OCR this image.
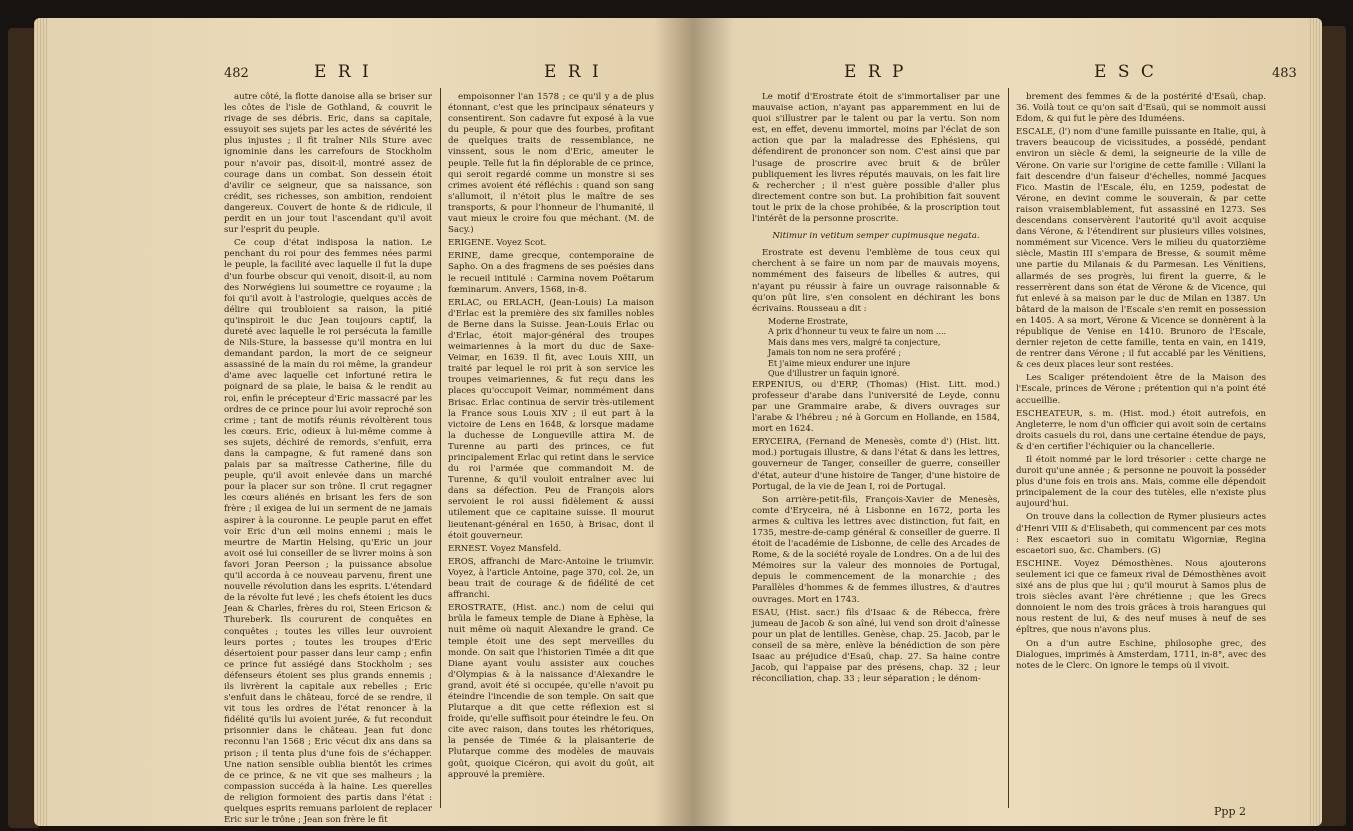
482	E R I	E R I

autre côté, la flotte danoise alla se briser sur les côtes de l'isle de Gothland, & couvrit le rivage de ses débris. Eric, dans sa capitale, essuyoit ses sujets par les actes de sévérité les plus injustes ; il fit traîner Nils Sture avec ignominie dans les carrefours de Stockholm pour n'avoir pas, disoit-il, montré assez de courage dans un combat. Son dessein étoit d'avilir ce seigneur, que sa naissance, son crédit, ses richesses, son ambition, rendoient dangereux. Couvert de honte & de ridicule, il perdit en un jour tout l'ascendant qu'il avoit sur l'esprit du peuple.

Ce coup d'état indisposa la nation. Le penchant du roi pour des femmes nées parmi le peuple, la facilité avec laquelle il fut la dupe d'un fourbe obscur qui venoit, disoit-il, au nom des Norwégiens lui soumettre ce royaume ; la foi qu'il avoit à l'astrologie, quelques accès de délire qui troubloient sa raison, la pitié qu'inspiroit le duc Jean toujours captif, la dureté avec laquelle le roi persécuta la famille de Nils-Sture, la bassesse qu'il montra en lui demandant pardon, la mort de ce seigneur assassiné de la main du roi même, la grandeur d'ame avec laquelle cet infortuné retira le poignard de sa plaie, le baisa & le rendit au roi, enfin le précepteur d'Eric massacré par les ordres de ce prince pour lui avoir reproché son crime ; tant de motifs réunis révoltèrent tous les cœurs. Eric, odieux à lui-même comme à ses sujets, déchiré de remords, s'enfuit, erra dans la campagne, & fut ramené dans son palais par sa maîtresse Catherine, fille du peuple, qu'il avoit enlevée dans un marché pour la placer sur son trône. Il crut regagner les cœurs aliénés en brisant les fers de son frère ; il exigea de lui un serment de ne jamais aspirer à la couronne. Le peuple parut en effet voir Eric d'un œil moins ennemi ; mais le meurtre de Martin Helsing, qu'Eric un jour avoit osé lui conseiller de se livrer moins à son favori Joran Peerson ; la puissance absolue qu'il accorda à ce nouveau parvenu, firent une nouvelle révolution dans les esprits. L'étendard de la révolte fut levé ; les chefs étoient les ducs Jean & Charles, frères du roi, Steen Ericson & Thureberk. Ils coururent de conquêtes en conquêtes ; toutes les villes leur ouvroient leurs portes ; toutes les troupes d'Eric désertoient pour passer dans leur camp ; enfin ce prince fut assiégé dans Stockholm ; ses défenseurs étoient ses plus grands ennemis ; ils livrèrent la capitale aux rebelles ; Eric s'enfuit dans le château, forcé de se rendre, il vit tous les ordres de l'état renoncer à la fidélité qu'ils lui avoient jurée, & fut reconduit prisonnier dans le château. Jean fut donc reconnu l'an 1568 ; Eric vécut dix ans dans sa prison ; il tenta plus d'une fois de s'échapper. Une nation sensible oublia bientôt les crimes de ce prince, & ne vit que ses malheurs ; la compassion succéda à la haine. Les querelles de religion formoient des partis dans l'état : quelques esprits remuans parloient de replacer Eric sur le trône ; Jean son frère le fit

empoisonner l'an 1578 ; ce qu'il y a de plus étonnant, c'est que les principaux sénateurs y consentirent. Son cadavre fut exposé à la vue du peuple, & pour que des fourbes, profitant de quelques traits de ressemblance, ne vinssent, sous le nom d'Eric, ameuter le peuple. Telle fut la fin déplorable de ce prince, qui seroit regardé comme un monstre si ses crimes avoient été réfléchis : quand son sang s'allumoit, il n'étoit plus le maître de ses transports, & pour l'honneur de l'humanité, il vaut mieux le croire fou que méchant. (M. de Sacy.)

ERIGENE. Voyez Scot.

ERINE, dame grecque, contemporaine de Sapho. On a des fragmens de ses poésies dans le recueil intitulé : Carmina novem Poëtarum fœminarum. Anvers, 1568, in-8.

ERLAC, ou ERLACH, (Jean-Louis) La maison d'Erlac est la première des six familles nobles de Berne dans la Suisse. Jean-Louis Erlac ou d'Erlac, étoit major-général des troupes weimariennes à la mort du duc de Saxe-Veimar, en 1639. Il fit, avec Louis XIII, un traité par lequel le roi prit à son service les troupes veimariennes, & fut reçu dans les places qu'occupoit Veimar, nommément dans Brisac. Erlac continua de servir très-utilement la France sous Louis XIV ; il eut part à la victoire de Lens en 1648, & lorsque madame la duchesse de Longueville attira M. de Turenne au parti des princes, ce fut principalement Erlac qui retint dans le service du roi l'armée que commandoit M. de Turenne, & qu'il vouloit entraîner avec lui dans sa défection. Peu de François alors servoient le roi aussi fidèlement & aussi utilement que ce capitaine suisse. Il mourut lieutenant-général en 1650, à Brisac, dont il étoit gouverneur.

ERNEST. Voyez Mansfeld.

EROS, affranchi de Marc-Antoine le triumvir. Voyez, à l'article Antoine, page 370, col. 2e, un beau trait de courage & de fidélité de cet affranchi.

EROSTRATE, (Hist. anc.) nom de celui qui brûla le fameux temple de Diane à Ephèse, la nuit même où naquit Alexandre le grand. Ce temple étoit une des sept merveilles du monde. On sait que l'historien Timée a dit que Diane ayant voulu assister aux couches d'Olympias & à la naissance d'Alexandre le grand, avoit été si occupée, qu'elle n'avoit pu éteindre l'incendie de son temple. On sait que Plutarque a dit que cette réflexion est si froide, qu'elle suffisoit pour éteindre le feu. On cite avec raison, dans toutes les rhétoriques, la pensée de Timée & la plaisanterie de Plutarque comme des modèles de mauvais goût, quoique Cicéron, qui avoit du goût, ait approuvé la première.

E R P	E S C	483

Le motif d'Erostrate étoit de s'immortaliser par une mauvaise action, n'ayant pas apparemment en lui de quoi s'illustrer par le talent ou par la vertu. Son nom est, en effet, devenu immortel, moins par l'éclat de son action que par la maladresse des Ephésiens, qui défendirent de prononcer son nom. C'est ainsi que par l'usage de proscrire avec bruit & de brûler publiquement les livres réputés mauvais, on les fait lire & rechercher ; il n'est guère possible d'aller plus directement contre son but. La prohibition fait souvent tout le prix de la chose prohibée, & la proscription tout l'intérêt de la personne proscrite.

Nitimur in vetitum semper cupimusque negata.

Erostrate est devenu l'emblème de tous ceux qui cherchent à se faire un nom par de mauvais moyens, nommément des faiseurs de libelles & autres, qui n'ayant pu réussir à faire un ouvrage raisonnable & qu'on pût lire, s'en consolent en déchirant les bons écrivains. Rousseau a dit :

Moderne Erostrate,

A prix d'honneur tu veux te faire un nom ....

Mais dans mes vers, malgré ta conjecture,

Jamais ton nom ne sera proféré ;

Et j'aime mieux endurer une injure

Que d'illustrer un faquin ignoré.

ERPENIUS, ou d'ERP, (Thomas) (Hist. Litt. mod.) professeur d'arabe dans l'université de Leyde, connu par une Grammaire arabe, & divers ouvrages sur l'arabe & l'hébreu ; né à Gorcum en Hollande, en 1584, mort en 1624.

ERYCEIRA, (Fernand de Menesès, comte d') (Hist. litt. mod.) portugais illustre, & dans l'état & dans les lettres, gouverneur de Tanger, conseiller de guerre, conseiller d'état, auteur d'une histoire de Tanger, d'une histoire de Portugal, de la vie de Jean I, roi de Portugal.

Son arrière-petit-fils, François-Xavier de Menesès, comte d'Eryceira, né à Lisbonne en 1672, porta les armes & cultiva les lettres avec distinction, fut fait, en 1735, mestre-de-camp général & conseiller de guerre. Il étoit de l'académie de Lisbonne, de celle des Arcades de Rome, & de la société royale de Londres. On a de lui des Mémoires sur la valeur des monnoies de Portugal, depuis le commencement de la monarchie ; des Parallèles d'hommes & de femmes illustres, & d'autres ouvrages. Mort en 1743.

ESAU, (Hist. sacr.) fils d'Isaac & de Rébecca, frère jumeau de Jacob & son aîné, lui vend son droit d'aînesse pour un plat de lentilles. Genèse, chap. 25. Jacob, par le conseil de sa mère, enlève la bénédiction de son père Isaac au préjudice d'Esaü, chap. 27. Sa haine contre Jacob, qui l'appaise par des présens, chap. 32 ; leur réconciliation, chap. 33 ; leur séparation ; le dénom-

brement des femmes & de la postérité d'Esaü, chap. 36. Voilà tout ce qu'on sait d'Esaü, qui se nommoit aussi Edom, & qui fut le père des Iduméens.

ESCALE, (l') nom d'une famille puissante en Italie, qui, à travers beaucoup de vicissitudes, a possédé, pendant environ un siècle & demi, la seigneurie de la ville de Vérone. On varie sur l'origine de cette famille : Villani la fait descendre d'un faiseur d'échelles, nommé Jacques Fico. Mastin de l'Escale, élu, en 1259, podestat de Vérone, en devint comme le souverain, & par cette raison vraisemblablement, fut assassiné en 1273. Ses descendans conservèrent l'autorité qu'il avoit acquise dans Vérone, & l'étendirent sur plusieurs villes voisines, nommément sur Vicence. Vers le milieu du quatorzième siècle, Mastin III s'empara de Bresse, & soumit même une partie du Milanais & du Parmesan. Les Vénitiens, allarmés de ses progrès, lui firent la guerre, & le resserrèrent dans son état de Vérone & de Vicence, qui fut enlevé à sa maison par le duc de Milan en 1387. Un bâtard de la maison de l'Escale s'en remit en possession en 1405. A sa mort, Vérone & Vicence se donnèrent à la république de Venise en 1410. Brunoro de l'Escale, dernier rejeton de cette famille, tenta en vain, en 1419, de rentrer dans Vérone ; il fut accablé par les Vénitiens, & ces deux places leur sont restées.

Les Scaliger prétendoient être de la Maison des l'Escale, princes de Vérone ; prétention qui n'a point été accueillie.

ESCHEATEUR, s. m. (Hist. mod.) étoit autrefois, en Angleterre, le nom d'un officier qui avoit soin de certains droits casuels du roi, dans une certaine étendue de pays, & d'en certifier l'échiquier ou la chancellerie.

Il étoit nommé par le lord trésorier : cette charge ne duroit qu'une année ; & personne ne pouvoit la posséder plus d'une fois en trois ans. Mais, comme elle dépendoit principalement de la cour des tutèles, elle n'existe plus aujourd'hui.

On trouve dans la collection de Rymer plusieurs actes d'Henri VIII & d'Elisabeth, qui commencent par ces mots : Rex escaetori suo in comitatu Wigorniæ, Regina escaetori suo, &c. Chambers. (G)

ESCHINE. Voyez Démosthènes. Nous ajouterons seulement ici que ce fameux rival de Démosthènes avoit sixé ans de plus que lui ; qu'il mourut à Samos plus de trois siècles avant l'ère chrétienne ; que les Grecs donnoient le nom des trois grâces à trois harangues qui nous restent de lui, & des neuf muses à neuf de ses épîtres, que nous n'avons plus.

On a d'un autre Eschine, philosophe grec, des Dialogues, imprimés à Amsterdam, 1711, in-8°, avec des notes de le Clerc. On ignore le temps où il vivoit.

Ppp 2
